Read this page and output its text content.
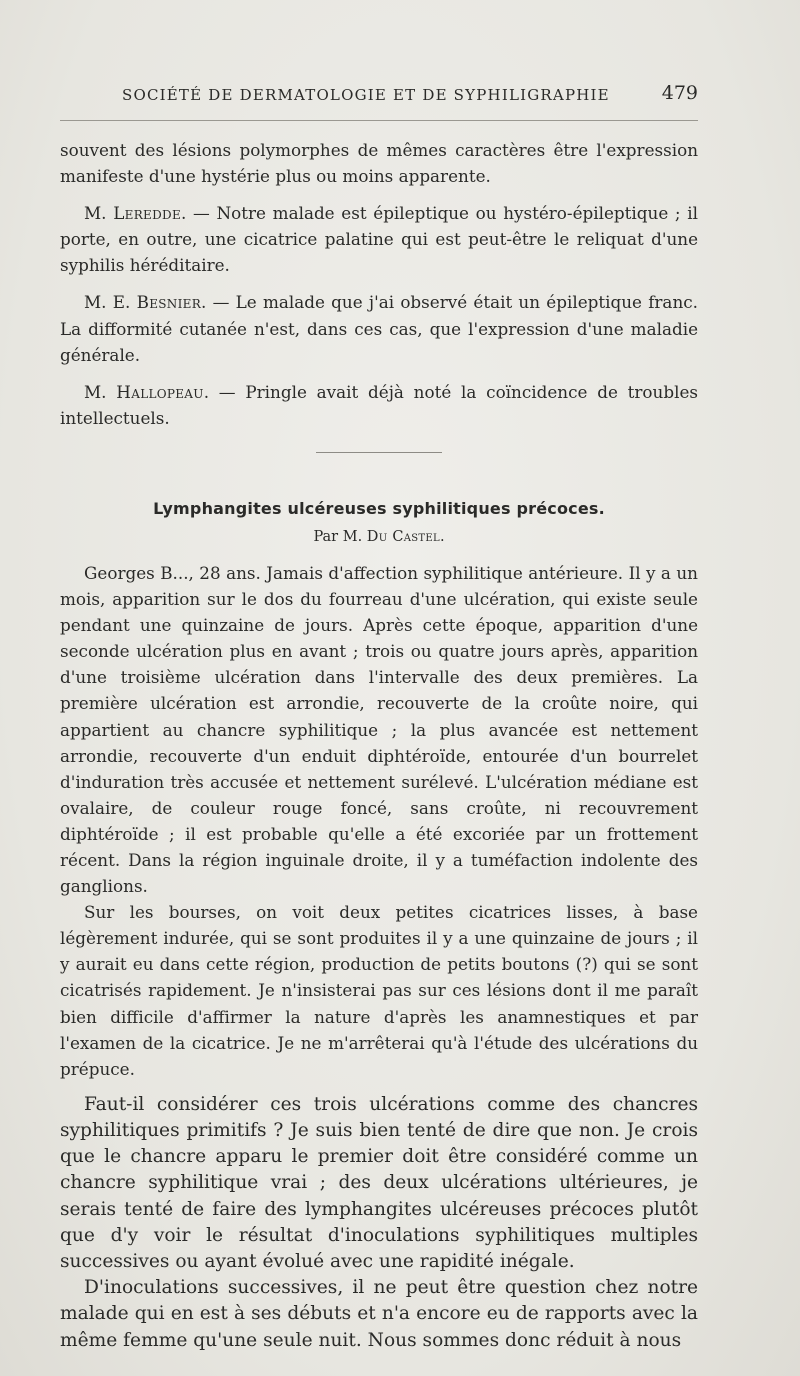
SOCIÉTÉ DE DERMATOLOGIE ET DE SYPHILIGRAPHIE	479

souvent des lésions polymorphes de mêmes caractères être l'expression manifeste d'une hystérie plus ou moins apparente.

M. Leredde. — Notre malade est épileptique ou hystéro-épileptique ; il porte, en outre, une cicatrice palatine qui est peut-être le reliquat d'une syphilis héréditaire.

M. E. Besnier. — Le malade que j'ai observé était un épileptique franc. La difformité cutanée n'est, dans ces cas, que l'expression d'une maladie générale.

M. Hallopeau. — Pringle avait déjà noté la coïncidence de troubles intellectuels.

Lymphangites ulcéreuses syphilitiques précoces.
Par M. Du Castel.

Georges B..., 28 ans. Jamais d'affection syphilitique antérieure. Il y a un mois, apparition sur le dos du fourreau d'une ulcération, qui existe seule pendant une quinzaine de jours. Après cette époque, apparition d'une seconde ulcération plus en avant ; trois ou quatre jours après, apparition d'une troisième ulcération dans l'intervalle des deux premières. La première ulcération est arrondie, recouverte de la croûte noire, qui appartient au chancre syphilitique ; la plus avancée est nettement arrondie, recouverte d'un enduit diphtéroïde, entourée d'un bourrelet d'induration très accusée et nettement surélevé. L'ulcération médiane est ovalaire, de couleur rouge foncé, sans croûte, ni recouvrement diphtéroïde ; il est probable qu'elle a été excoriée par un frottement récent. Dans la région inguinale droite, il y a tuméfaction indolente des ganglions.

Sur les bourses, on voit deux petites cicatrices lisses, à base légèrement indurée, qui se sont produites il y a une quinzaine de jours ; il y aurait eu dans cette région, production de petits boutons (?) qui se sont cicatrisés rapidement. Je n'insisterai pas sur ces lésions dont il me paraît bien difficile d'affirmer la nature d'après les anamnestiques et par l'examen de la cicatrice. Je ne m'arrêterai qu'à l'étude des ulcérations du prépuce.

Faut-il considérer ces trois ulcérations comme des chancres syphilitiques primitifs ? Je suis bien tenté de dire que non. Je crois que le chancre apparu le premier doit être considéré comme un chancre syphilitique vrai ; des deux ulcérations ultérieures, je serais tenté de faire des lymphangites ulcéreuses précoces plutôt que d'y voir le résultat d'inoculations syphilitiques multiples successives ou ayant évolué avec une rapidité inégale.

D'inoculations successives, il ne peut être question chez notre malade qui en est à ses débuts et n'a encore eu de rapports avec la même femme qu'une seule nuit. Nous sommes donc réduit à nous
